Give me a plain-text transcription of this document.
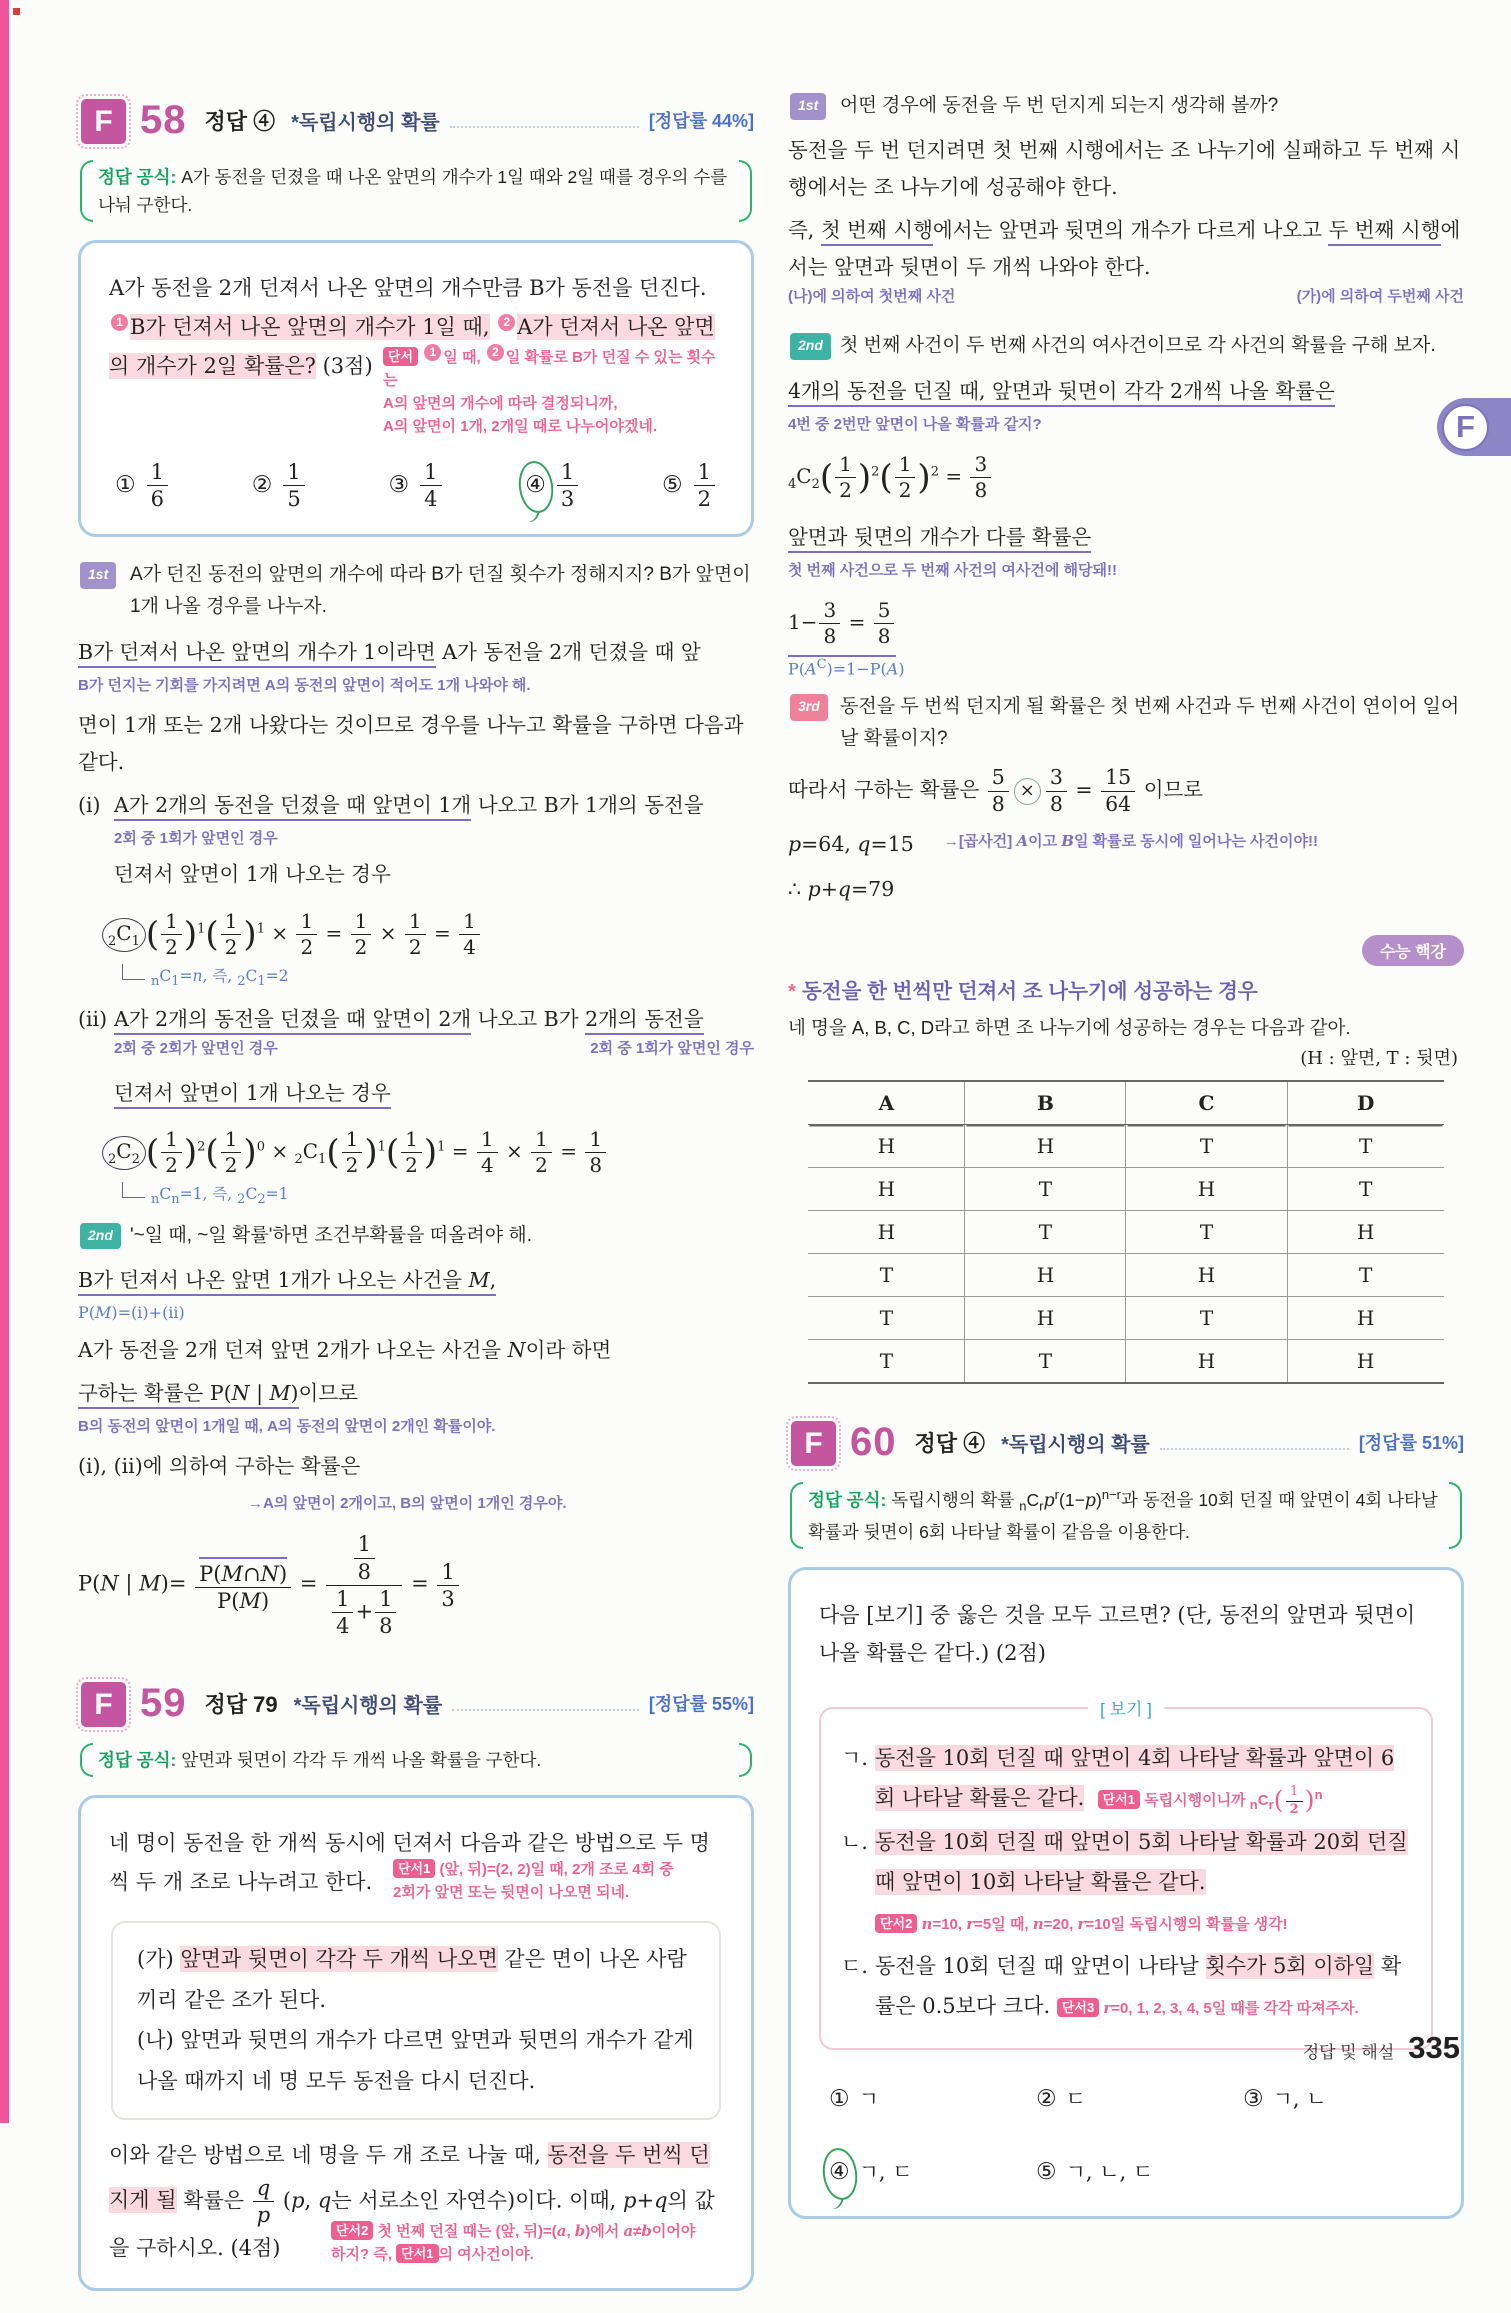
F 58 정답 ④ *독립시행의 확률	[정답률 44%]
정답 공식: A가 동전을 던졌을 때 나온 앞면의 개수가 1일 때와 2일 때를 경우의 수를 나눠 구한다.
A가 동전을 2개 던져서 나온 앞면의 개수만큼 B가 동전을 던진다.1 B가 던져서 나온 앞면의 개수가 1일 때, 2 A가 던져서 나온 앞면의 개수가 2일 확률은? (3점)	단서 1 일 때, 2 일 확률로 B가 던질 수 있는 횟수는
A의 앞면의 개수에 따라 결정되니까,
A의 앞면이 1개, 2개일 때로 나누어야겠네.
①
1
6
②
1
5
③
1
4
④
1
3
⑤
1
2
1st	A가 던진 동전의 앞면의 개수에 따라 B가 던질 횟수가 정해지지? B가 앞면이 1개 나올 경우를 나누자.
B가 던져서 나온 앞면의 개수가 1이라면 A가 동전을 2개 던졌을 때 앞
B가 던지는 기회를 가지려면 A의 동전의 앞면이 적어도 1개 나와야 해.
면이 1개 또는 2개 나왔다는 것이므로 경우를 나누고 확률을 구하면 다음과 같다.
(i) A가 2개의 동전을 던졌을 때 앞면이 1개 나오고 B가 1개의 동전을
2회 중 1회가 앞면인 경우
던져서 앞면이 1개 나오는 경우
$_2C_1$ ( $\frac{1}{2} )^1( \frac{1}{2} )^1 \times \frac{1}{2} = \frac{1}{2} \times \frac{1}{2} = \frac{1}{4}$
$_nC_1=n$, 즉, $_2C_1=2$
(ii) A가 2개의 동전을 던졌을 때 앞면이 2개 나오고 B가 2개의 동전을
2회 중 2회가 앞면인 경우	2회 중 1회가 앞면인 경우
던져서 앞면이 1개 나오는 경우
$_2C_2$ ( $\frac{1}{2} )^2( \frac{1}{2} )^0 \times _2C_1( \frac{1}{2} )^1( \frac{1}{2} )^1 = \frac{1}{4} \times \frac{1}{2} = \frac{1}{8}$
$_nC_n=1$, 즉, $_2C_2=1$
2nd '~일 때, ~일 확률'하면 조건부확률을 떠올려야 해.
B가 던져서 나온 앞면 1개가 나오는 사건을 M,
P(M)=(i)+(ii)
A가 동전을 2개 던져 앞면 2개가 나오는 사건을 N이라 하면
구하는 확률은 P(N | M)이므로
B의 동전의 앞면이 1개일 때, A의 동전의 앞면이 2개인 확률이야.
(i), (ii)에 의하여 구하는 확률은
→A의 앞면이 2개이고, B의 앞면이 1개인 경우야.
P(N | $M)= \frac{P(M\cap N)}{P(M)} = \frac{\frac{1}{8}}{\frac{1}{4} + \frac{1}{8}} = \frac{1}{3}$
F 59 정답 79 *독립시행의 확률	[정답률 55%]
정답 공식: 앞면과 뒷면이 각각 두 개씩 나올 확률을 구한다.
네 명이 동전을 한 개씩 동시에 던져서 다음과 같은 방법으로 두 명씩 두 개 조로 나누려고 한다.
단서1 (앞, 뒤)=(2, 2)일 때, 2개 조로 4회 중
2회가 앞면 또는 뒷면이 나오면 되네.
(가) 앞면과 뒷면이 각각 두 개씩 나오면 같은 면이 나온 사람끼리 같은 조가 된다.
(나) 앞면과 뒷면의 개수가 다르면 앞면과 뒷면의 개수가 같게 나올 때까지 네 명 모두 동전을 다시 던진다.
이와 같은 방법으로 네 명을 두 개 조로 나눌 때, 동전을 두 번씩 던지게 될 확률은 $\frac{q}{p} (p$, q는 서로소인 자연수)이다. 이때, p+q의 값을 구하시오. (4점)
단서2 첫 번째 던질 때는 (앞, 뒤)=(a, b)에서 a≠b이어야
하지? 즉, 단서1 의 여사건이야.
1st	어떤 경우에 동전을 두 번 던지게 되는지 생각해 볼까?
동전을 두 번 던지려면 첫 번째 시행에서는 조 나누기에 실패하고 두 번째 시행에서는 조 나누기에 성공해야 한다.
즉, 첫 번째 시행에서는 앞면과 뒷면의 개수가 다르게 나오고 두 번째 시행에서는 앞면과 뒷면이 두 개씩 나와야 한다.
(나)에 의하여 첫번째 사건	(가)에 의하여 두번째 사건
2nd 첫 번째 사건이 두 번째 사건의 여사건이므로 각 사건의 확률을 구해 보자.
4개의 동전을 던질 때, 앞면과 뒷면이 각각 2개씩 나올 확률은
4번 중 2번만 앞면이 나올 확률과 같지?
$_4C_2( \frac{1}{2} )^2( \frac{1}{2} )^2 = \frac{3}{8}$
앞면과 뒷면의 개수가 다를 확률은
첫 번째 사건으로 두 번째 사건의 여사건에 해당돼!!
$1- \frac{3}{8} = \frac{5}{8}$
$P(A^C)=1-P(A)$
3rd	동전을 두 번씩 던지게 될 확률은 첫 번째 사건과 두 번째 사건이 연이어 일어날 확률이지?
따라서 구하는 확률은 $\frac{5}{8} \times \frac{3}{8} = \frac{15}{64}$ 이므로
p=64, q=15 →[곱사건] A이고 B일 확률로 동시에 일어나는 사건이야!!
∴ p+q=79
수능 핵강
* 동전을 한 번씩만 던져서 조 나누기에 성공하는 경우
네 명을 A, B, C, D라고 하면 조 나누기에 성공하는 경우는 다음과 같아.
(H : 앞면, T : 뒷면)
A	B	C	D
H	H	T	T
H	T	H	T
H	T	T	H
T	H	H	T
T	H	T	H
T	T	H	H
F 60 정답 ④ *독립시행의 확률	[정답률 51%]
정답 공식: 독립시행의 확률 $_nC_rp^r(1-p)^{n-r}$과 동전을 10회 던질 때 앞면이 4회 나타날 확률과 뒷면이 6회 나타날 확률이 같음을 이용한다.
다음 [보기] 중 옳은 것을 모두 고르면? (단, 동전의 앞면과 뒷면이 나올 확률은 같다.) (2점)
[ 보기 ]
ㄱ. 동전을 10회 던질 때 앞면이 4회 나타날 확률과 앞면이 6회 나타날 확률은 같다. 단서1 독립시행이니까 $_nC_r( \frac{1}{2} )^n$
ㄴ. 동전을 10회 던질 때 앞면이 5회 나타날 확률과 20회 던질 때 앞면이 10회 나타날 확률은 같다.
단서2 n=10, r=5일 때, n=20, r=10일 독립시행의 확률을 생각!
ㄷ. 동전을 10회 던질 때 앞면이 나타날 횟수가 5회 이하일 확률은 0.5보다 크다. 단서3 r=0, 1, 2, 3, 4, 5일 때를 각각 따져주자.
① ㄱ	② ㄷ	③ ㄱ, ㄴ
④ ㄱ, ㄷ	⑤ ㄱ, ㄴ, ㄷ
F
정답 및 해설 335
